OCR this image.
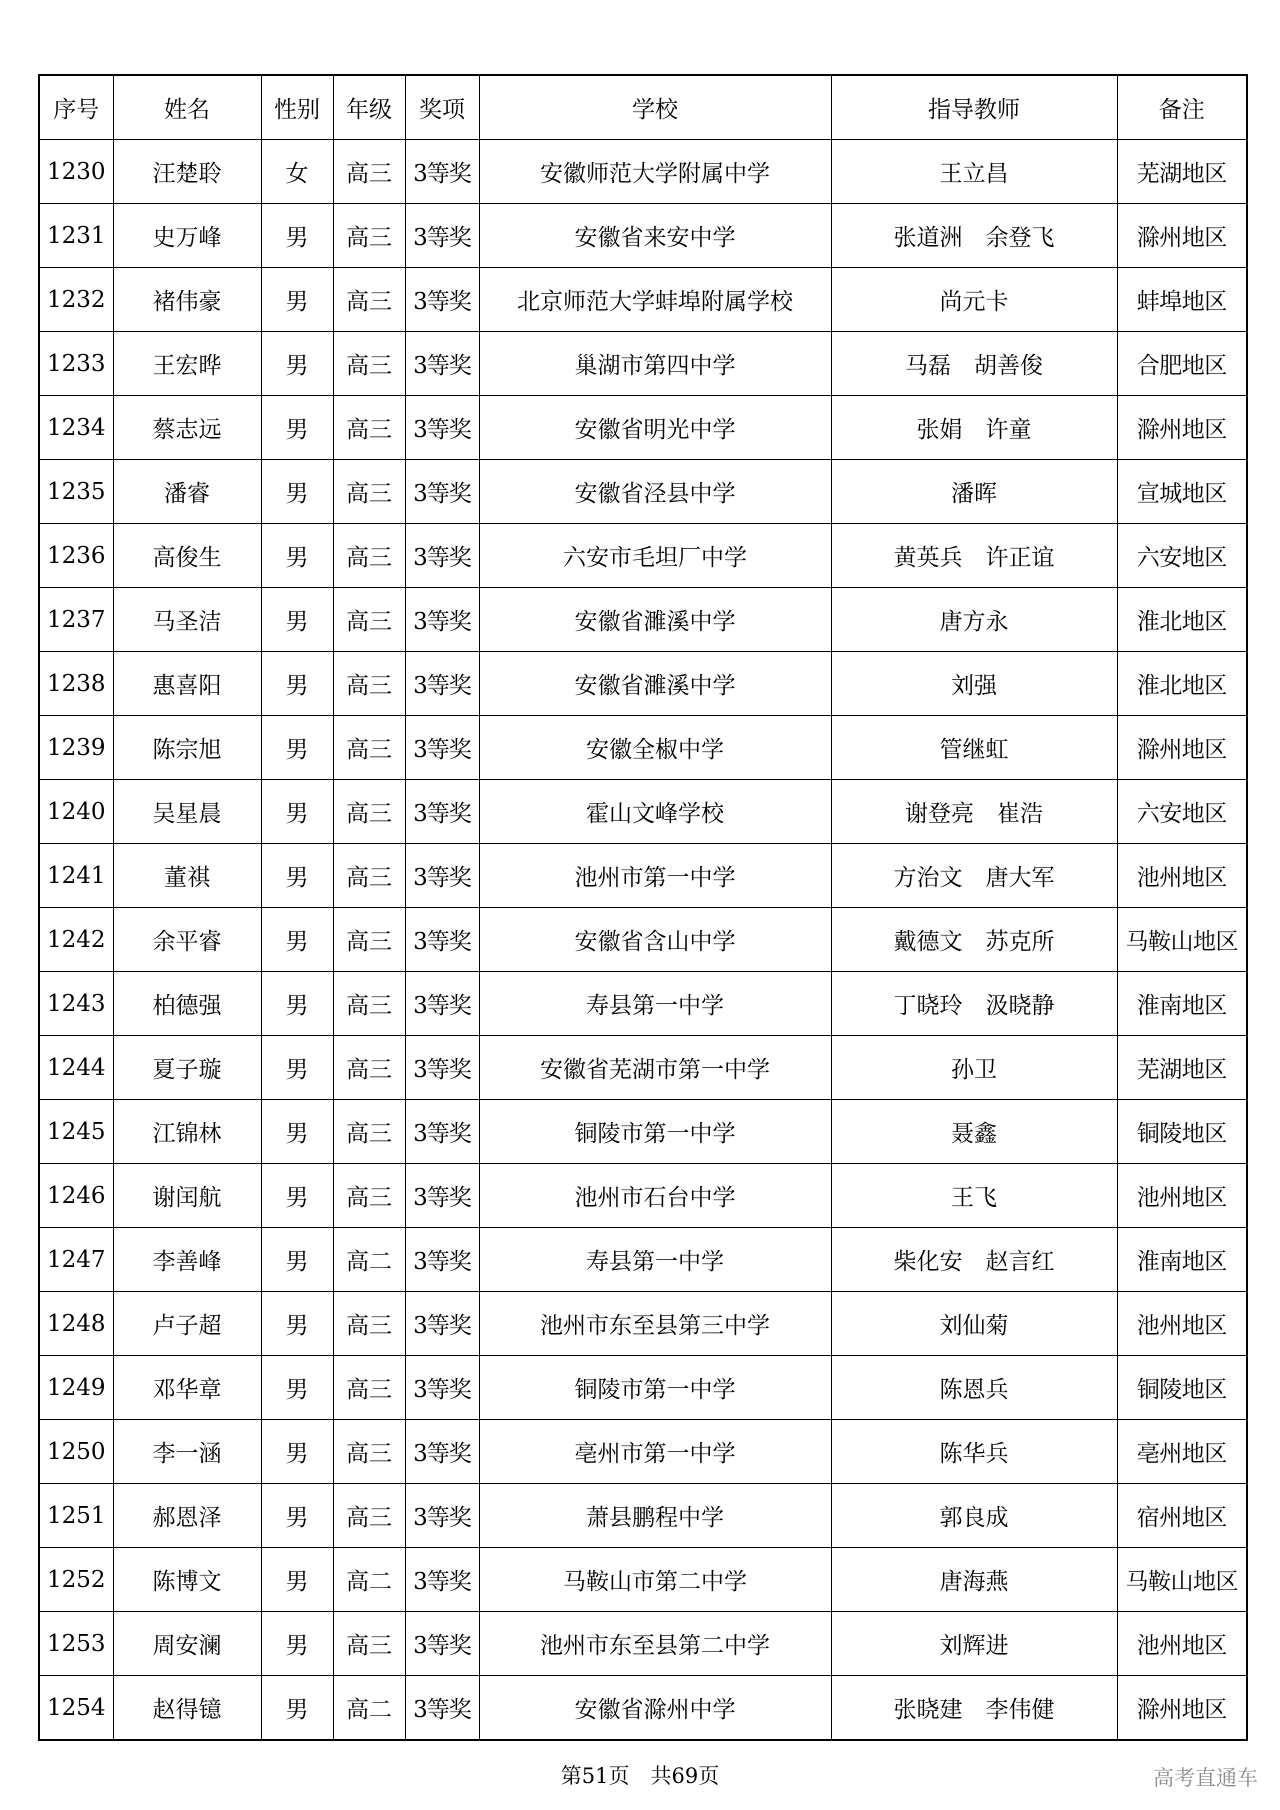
序号	姓名	性别	年级	奖项	学校	指导教师	备注
1230	汪楚聆	女	高三	3等奖	安徽师范大学附属中学	王立昌	芜湖地区
1231	史万峰	男	高三	3等奖	安徽省来安中学	张道洲　余登飞	滁州地区
1232	褚伟豪	男	高三	3等奖	北京师范大学蚌埠附属学校	尚元卡	蚌埠地区
1233	王宏晔	男	高三	3等奖	巢湖市第四中学	马磊　胡善俊	合肥地区
1234	蔡志远	男	高三	3等奖	安徽省明光中学	张娟　许童	滁州地区
1235	潘睿	男	高三	3等奖	安徽省泾县中学	潘晖	宣城地区
1236	高俊生	男	高三	3等奖	六安市毛坦厂中学	黄英兵　许正谊	六安地区
1237	马圣洁	男	高三	3等奖	安徽省濉溪中学	唐方永	淮北地区
1238	惠喜阳	男	高三	3等奖	安徽省濉溪中学	刘强	淮北地区
1239	陈宗旭	男	高三	3等奖	安徽全椒中学	管继虹	滁州地区
1240	吴星晨	男	高三	3等奖	霍山文峰学校	谢登亮　崔浩	六安地区
1241	董祺	男	高三	3等奖	池州市第一中学	方治文　唐大军	池州地区
1242	余平睿	男	高三	3等奖	安徽省含山中学	戴德文　苏克所	马鞍山地区
1243	柏德强	男	高三	3等奖	寿县第一中学	丁晓玲　汲晓静	淮南地区
1244	夏子璇	男	高三	3等奖	安徽省芜湖市第一中学	孙卫	芜湖地区
1245	江锦林	男	高三	3等奖	铜陵市第一中学	聂鑫	铜陵地区
1246	谢闰航	男	高三	3等奖	池州市石台中学	王飞	池州地区
1247	李善峰	男	高二	3等奖	寿县第一中学	柴化安　赵言红	淮南地区
1248	卢子超	男	高三	3等奖	池州市东至县第三中学	刘仙菊	池州地区
1249	邓华章	男	高三	3等奖	铜陵市第一中学	陈恩兵	铜陵地区
1250	李一涵	男	高三	3等奖	亳州市第一中学	陈华兵	亳州地区
1251	郝恩泽	男	高三	3等奖	萧县鹏程中学	郭良成	宿州地区
1252	陈博文	男	高二	3等奖	马鞍山市第二中学	唐海燕	马鞍山地区
1253	周安澜	男	高三	3等奖	池州市东至县第二中学	刘辉进	池州地区
1254	赵得镱	男	高二	3等奖	安徽省滁州中学	张晓建　李伟健	滁州地区
第51页　共69页	高考直通车
